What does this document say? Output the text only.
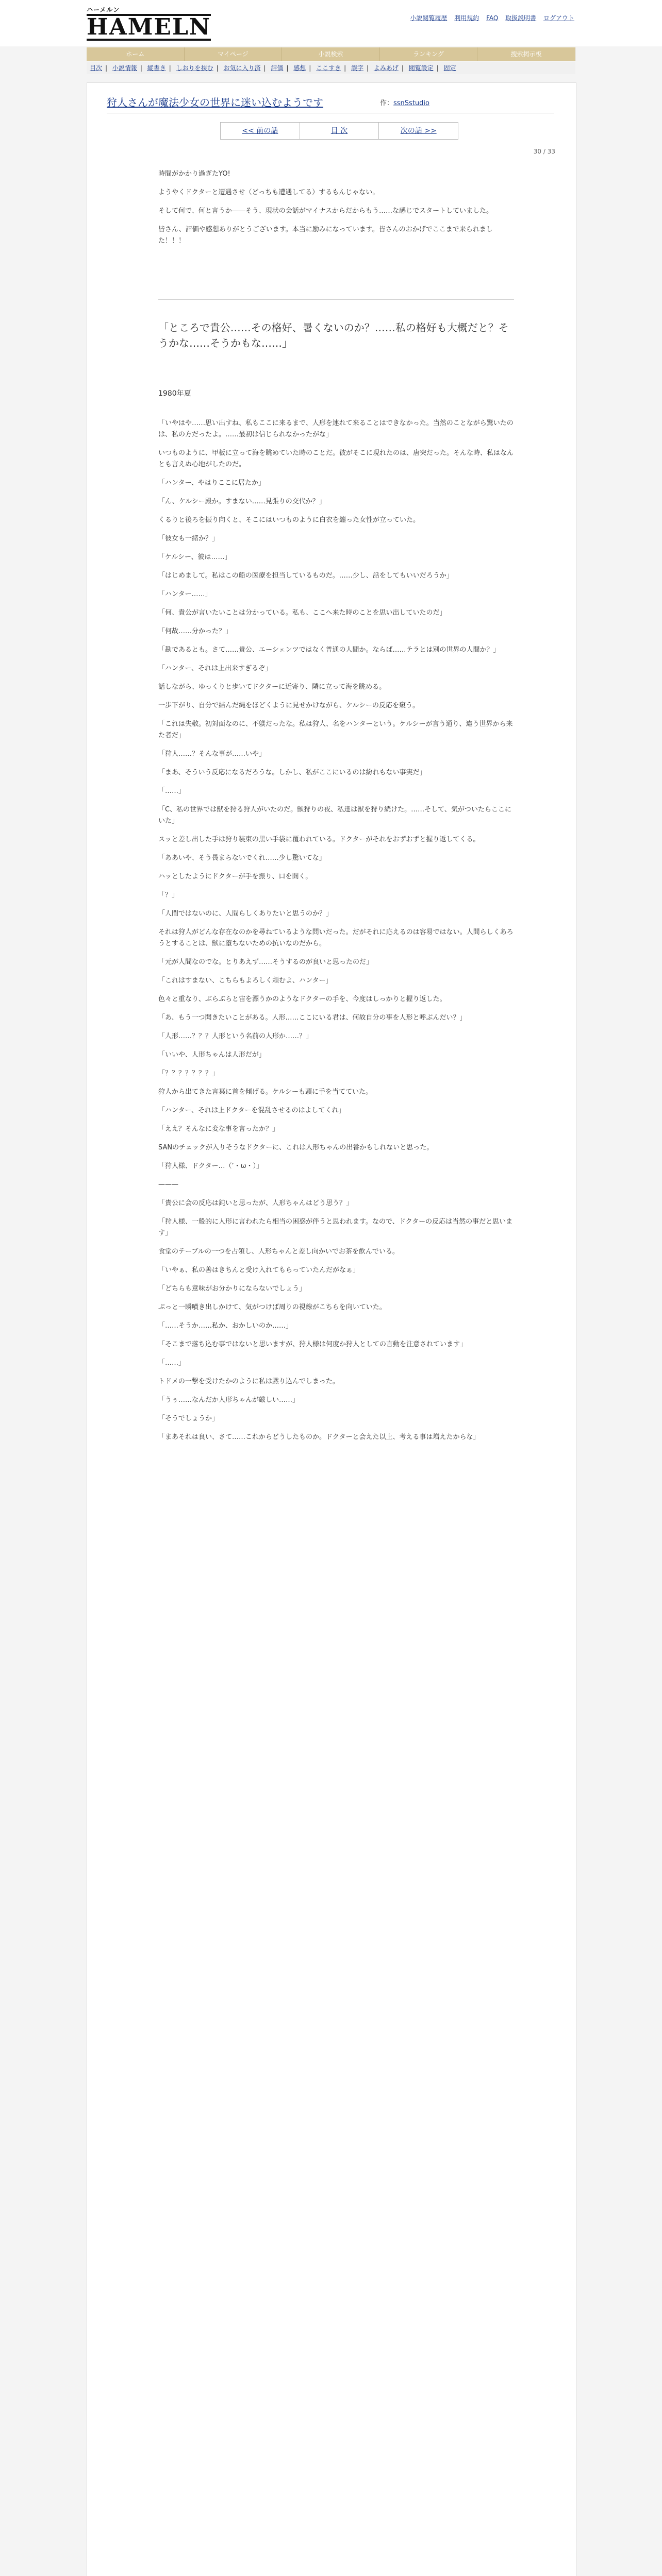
ハーメルン
HAMELN	小説閲覧履歴 利用規約 FAQ 取扱説明書 ログアウト
ホーム	マイページ	小説検索	ランキング	捜索掲示板
目次 | 小説情報 | 縦書き | しおりを挟む | お気に入り済 | 評価 | 感想 | ここすき | 誤字 | よみあげ | 閲覧設定 | 固定
狩人さんが魔法少女の世界に迷い込むようです	作：ssnSstudio
<< 前の話	目 次	次の話 >>
30 / 33

時間がかかり過ぎたYO!

ようやくドクターと遭遇させ（どっちも遭遇してる）するもんじゃない。

そして何で、何と言うか――そう、現状の会話がマイナスからだからもう……な感じでスタートしていました。

皆さん、評価や感想ありがとうございます。本当に励みになっています。皆さんのおかげでここまで来られました！！！

「ところで貴公……その格好、暑くないのか？……私の格好も大概だと？そうかな……そうかもな……」
1980年夏

「いやはや……思い出すね、私もここに来るまで、人形を連れて来ることはできなかった。当然のことながら驚いたのは、私の方だったよ。……最初は信じられなかったがな」

いつものように、甲板に立って海を眺めていた時のことだ。彼がそこに現れたのは、唐突だった。そんな時、私はなんとも言えぬ心地がしたのだ。

「ハンター、やはりここに居たか」

「ん、ケルシー殿か。すまない……見張りの交代か？」

くるりと後ろを振り向くと、そこにはいつものように白衣を纏った女性が立っていた。

「彼女も一緒か？」

「ケルシー、彼は……」

「はじめまして。私はこの船の医療を担当しているものだ。……少し、話をしてもいいだろうか」

「ハンター……」

「何、貴公が言いたいことは分かっている。私も、ここへ来た時のことを思い出していたのだ」

「何故……分かった？」

「勘であるとも。さて……貴公、エーシェンツではなく普通の人間か。ならば……テラとは別の世界の人間か？」

「ハンター、それは上出来すぎるぞ」

話しながら、ゆっくりと歩いてドクターに近寄り、隣に立って海を眺める。

一歩下がり、自分で結んだ縄をほどくように見せかけながら、ケルシーの反応を窺う。

「これは失敬。初対面なのに、不躾だったな。私は狩人、名をハンターという。ケルシーが言う通り、違う世界から来た者だ」

「狩人……？そんな事が……いや」

「まあ、そういう反応になるだろうな。しかし、私がここにいるのは紛れもない事実だ」

「……」

「C、私の世界では獣を狩る狩人がいたのだ。獣狩りの夜、私達は獣を狩り続けた。……そして、気がついたらここにいた」

スッと差し出した手は狩り装束の黒い手袋に覆われている。ドクターがそれをおずおずと握り返してくる。

「ああいや、そう畏まらないでくれ……少し驚いてな」

ハッとしたようにドクターが手を振り、口を開く。

「？」

「人間ではないのに、人間らしくありたいと思うのか？」

それは狩人がどんな存在なのかを尋ねているような問いだった。だがそれに応えるのは容易ではない。人間らしくあろうとすることは、獣に堕ちないための抗いなのだから。

「元が人間なのでな。とりあえず……そうするのが良いと思ったのだ」

「これはすまない、こちらもよろしく頼むよ、ハンター」

色々と重なり、ぶらぶらと宙を漂うかのようなドクターの手を、今度はしっかりと握り返した。

「あ、もう一つ聞きたいことがある。人形……ここにいる君は、何故自分の事を人形と呼ぶんだい？」

「人形……？？？人形という名前の人形か……？」

「いいや、人形ちゃんは人形だが」

「？？？？？？？」

狩人から出てきた言葉に首を傾げる。ケルシーも頭に手を当てていた。

「ハンター、それは上ドクターを混乱させるのはよしてくれ」

「ええ？そんなに変な事を言ったか？」

SANのチェックが入りそうなドクターに、これは人形ちゃんの出番かもしれないと思った。

「狩人様、ドクター…（’・ω・）」

———

「貴公に会の反応は鈍いと思ったが、人形ちゃんはどう思う？」

「狩人様、一般的に人形に言われたら相当の困惑が伴うと思われます。なので、ドクターの反応は当然の事だと思います」

食堂のテーブルの一つを占領し、人形ちゃんと差し向かいでお茶を飲んでいる。

「いやぁ、私の善はきちんと受け入れてもらっていたんだがなぁ」

「どちらも意味がお分かりにならないでしょう」

ぷっと一瞬噴き出しかけて、気がつけば周りの視線がこちらを向いていた。

「……そうか……私か、おかしいのか……」

「そこまで落ち込む事ではないと思いますが、狩人様は何度か狩人としての言動を注意されています」

「……」

トドメの一撃を受けたかのように私は黙り込んでしまった。

「うぅ……なんだか人形ちゃんが厳しい……」

「そうでしょうか」

「まあそれは良い、さて……これからどうしたものか。ドクターと会えた以上、考える事は増えたからな」
